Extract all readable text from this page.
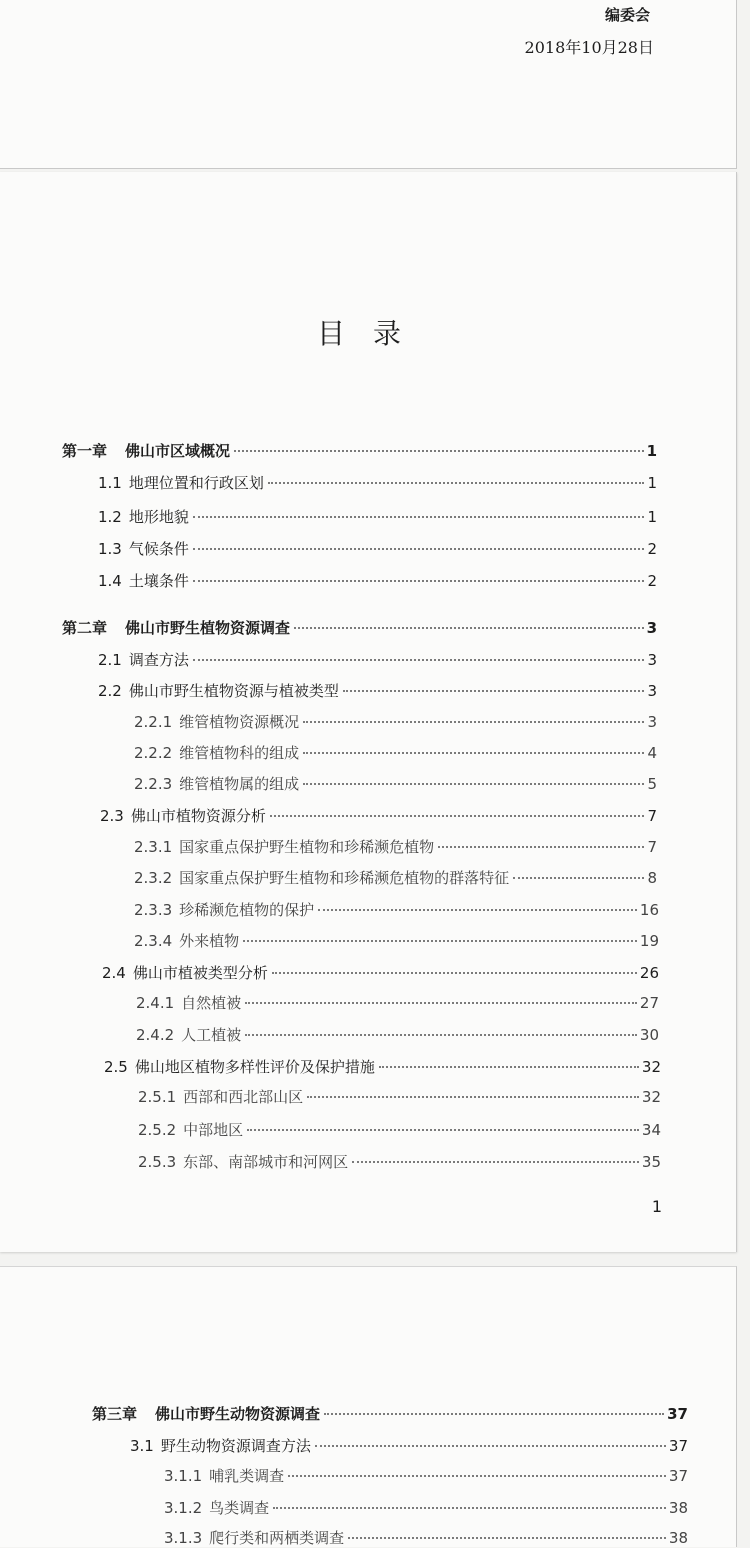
编委会
2018年10月28日
目录
第一章 佛山市区域概况	1
1.1 地理位置和行政区划	1
1.2 地形地貌	1
1.3 气候条件	2
1.4 土壤条件	2
第二章 佛山市野生植物资源调查	3
2.1 调查方法	3
2.2 佛山市野生植物资源与植被类型	3
2.2.1 维管植物资源概况	3
2.2.2 维管植物科的组成	4
2.2.3 维管植物属的组成	5
2.3 佛山市植物资源分析	7
2.3.1 国家重点保护野生植物和珍稀濒危植物	7
2.3.2 国家重点保护野生植物和珍稀濒危植物的群落特征	8
2.3.3 珍稀濒危植物的保护	16
2.3.4 外来植物	19
2.4 佛山市植被类型分析	26
2.4.1 自然植被	27
2.4.2 人工植被	30
2.5 佛山地区植物多样性评价及保护措施	32
2.5.1 西部和西北部山区	32
2.5.2 中部地区	34
2.5.3 东部、南部城市和河网区	35
第三章 佛山市野生动物资源调查	37
3.1 野生动物资源调查方法	37
3.1.1 哺乳类调查	37
3.1.2 鸟类调查	38
3.1.3 爬行类和两栖类调查	38
1
